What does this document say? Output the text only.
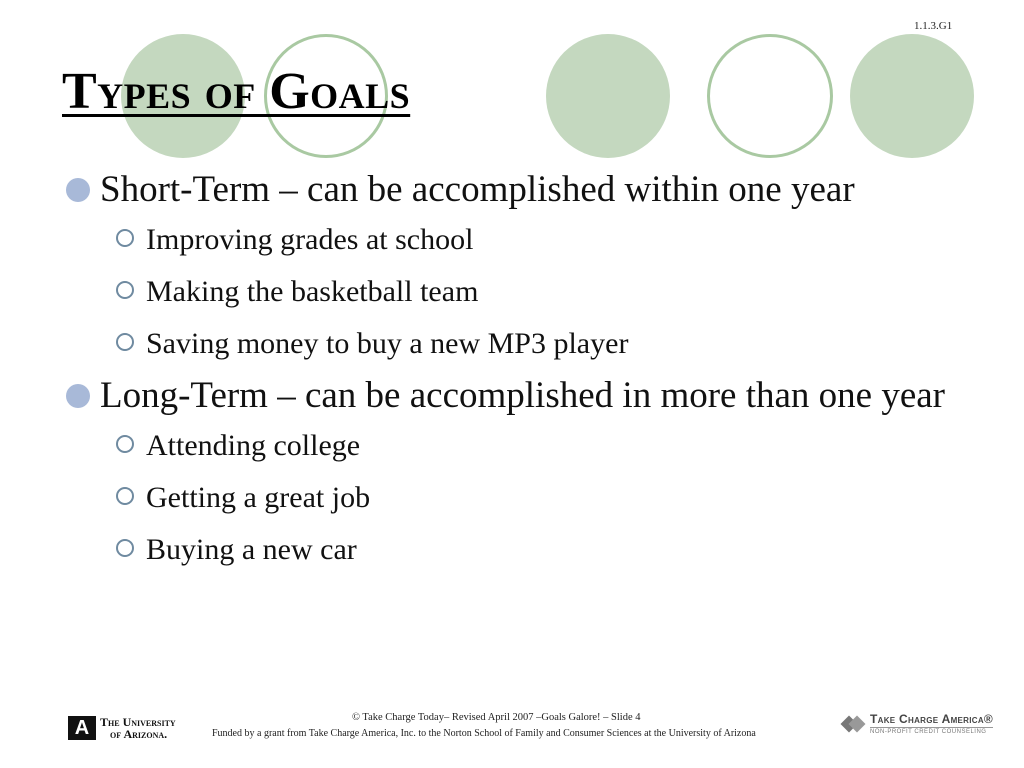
1.1.3.G1
Types of Goals
Short-Term – can be accomplished within one year
Improving grades at school
Making the basketball team
Saving money to buy a new MP3 player
Long-Term – can be accomplished in more than one year
Attending college
Getting a great job
Buying a new car
A The University
of Arizona.
© Take Charge Today– Revised April 2007 –Goals Galore! – Slide 4
Funded by a grant from Take Charge America, Inc. to the Norton School of Family and Consumer Sciences at the University of Arizona
Take Charge America®
NON-PROFIT CREDIT COUNSELING
